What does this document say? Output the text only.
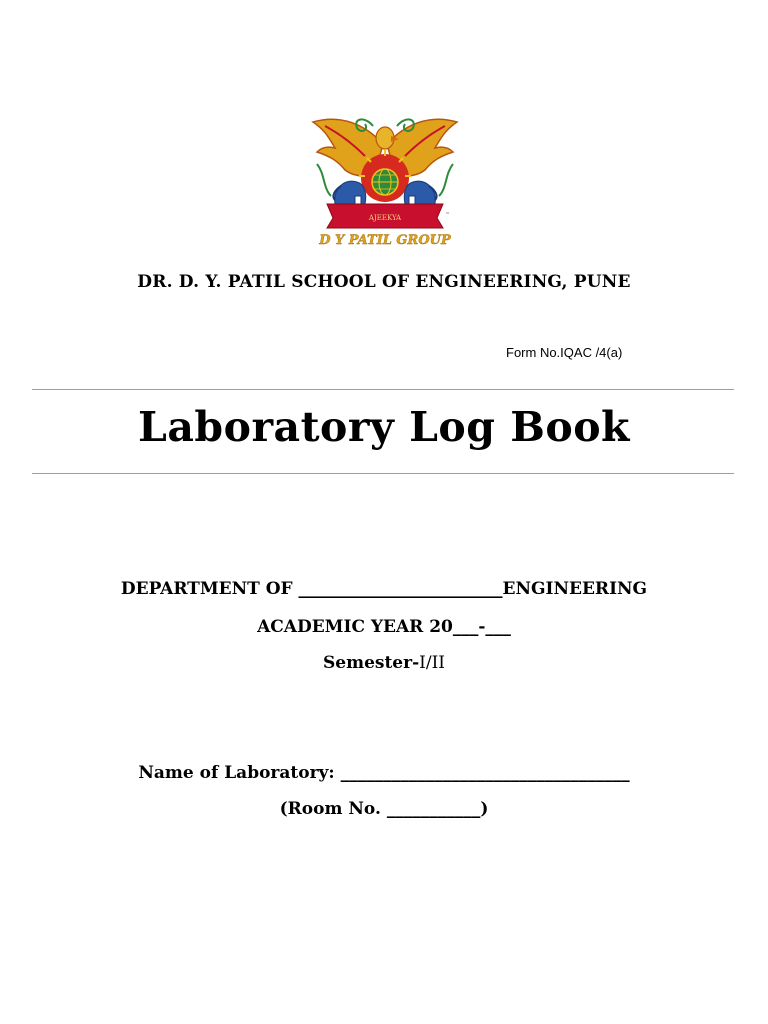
AJEEKYA	™
D Y PATIL GROUP
DR. D. Y. PATIL SCHOOL OF ENGINEERING, PUNE
Form No.IQAC /4(a)
Laboratory Log Book
DEPARTMENT OF ________________________ENGINEERING
ACADEMIC YEAR 20___-___
Semester-I/II
Name of Laboratory: __________________________________
(Room No. ___________)
